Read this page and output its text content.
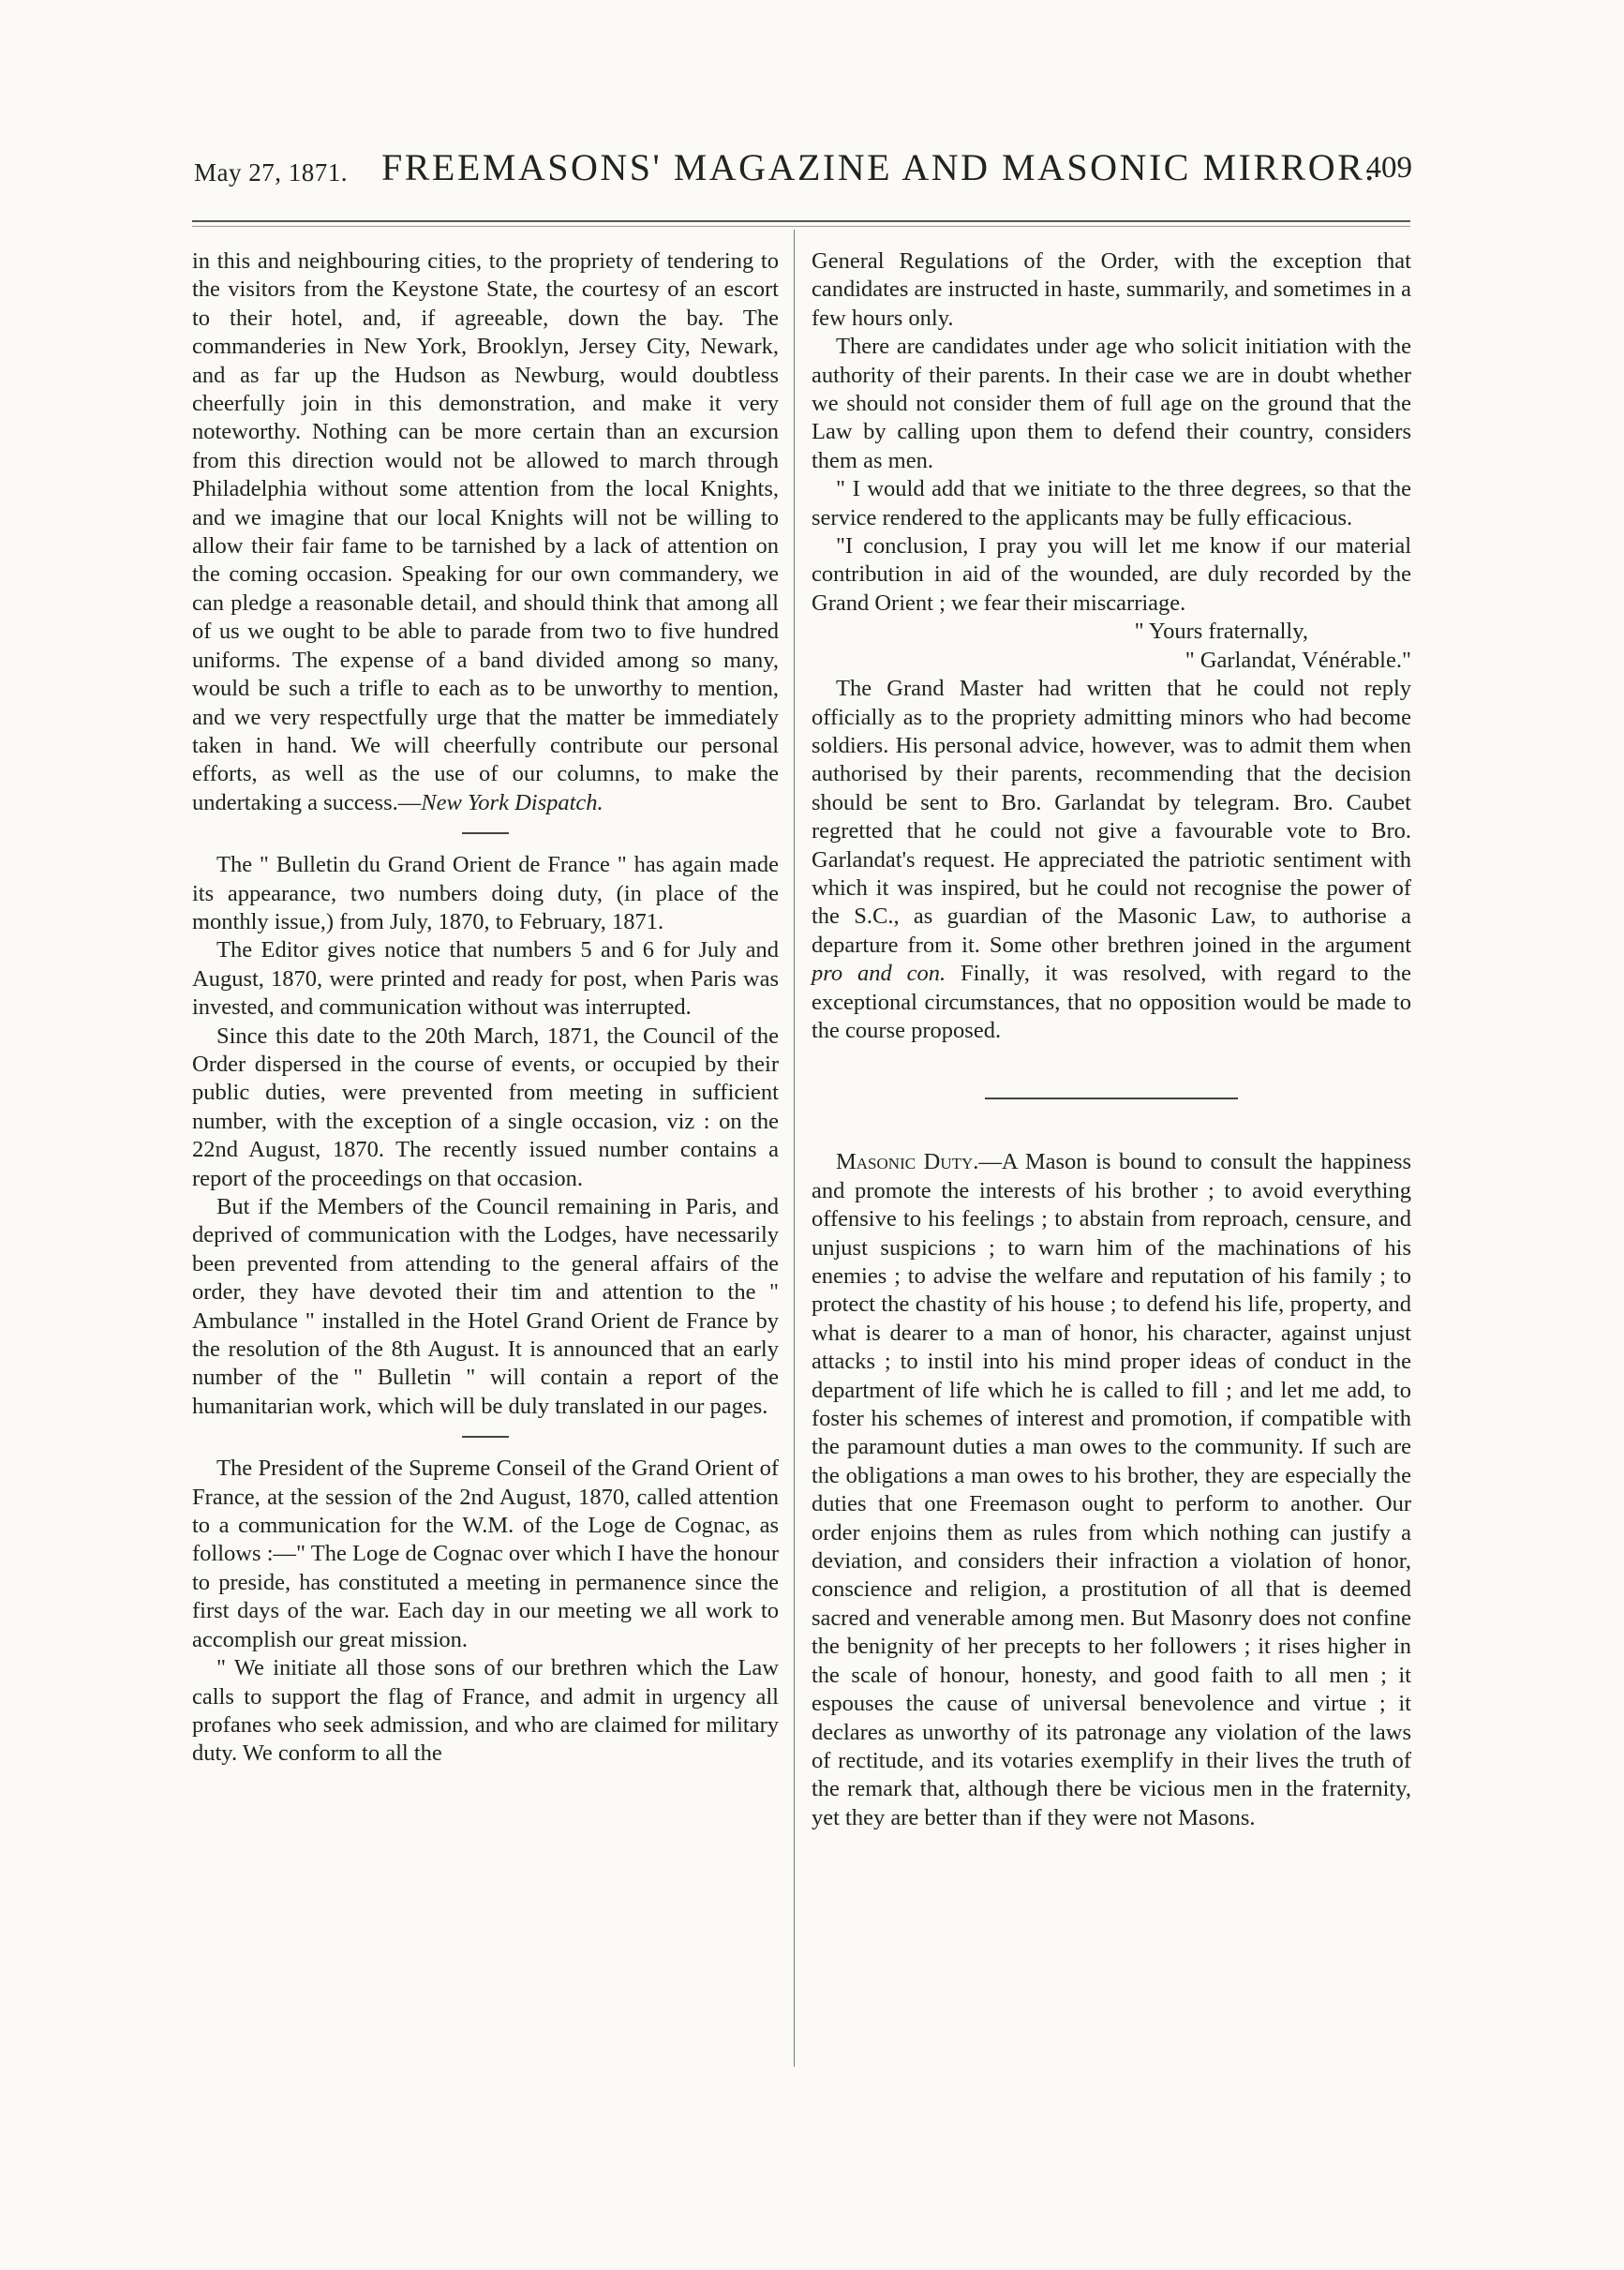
May 27, 1871. FREEMASONS' MAGAZINE AND MASONIC MIRROR.
409

in this and neighbouring cities, to the propriety of tendering to the visitors from the Keystone State, the courtesy of an escort to their hotel, and, if agreeable, down the bay. The commanderies in New York, Brooklyn, Jersey City, Newark, and as far up the Hudson as Newburg, would doubtless cheerfully join in this demonstration, and make it very noteworthy. Nothing can be more certain than an excursion from this direction would not be allowed to march through Philadelphia without some attention from the local Knights, and we imagine that our local Knights will not be willing to allow their fair fame to be tarnished by a lack of attention on the coming occasion. Speaking for our own commandery, we can pledge a reasonable detail, and should think that among all of us we ought to be able to parade from two to five hundred uniforms. The expense of a band divided among so many, would be such a trifle to each as to be unworthy to mention, and we very respectfully urge that the matter be immediately taken in hand. We will cheerfully contribute our personal efforts, as well as the use of our columns, to make the undertaking a success.—New York Dispatch.

The " Bulletin du Grand Orient de France " has again made its appearance, two numbers doing duty, (in place of the monthly issue,) from July, 1870, to February, 1871.

The Editor gives notice that numbers 5 and 6 for July and August, 1870, were printed and ready for post, when Paris was invested, and communication without was interrupted.

Since this date to the 20th March, 1871, the Council of the Order dispersed in the course of events, or occupied by their public duties, were prevented from meeting in sufficient number, with the exception of a single occasion, viz : on the 22nd August, 1870. The recently issued number contains a report of the proceedings on that occasion.

But if the Members of the Council remaining in Paris, and deprived of communication with the Lodges, have necessarily been prevented from attending to the general affairs of the order, they have devoted their tim and attention to the " Ambulance " installed in the Hotel Grand Orient de France by the resolution of the 8th August. It is announced that an early number of the " Bulletin " will contain a report of the humanitarian work, which will be duly translated in our pages.

The President of the Supreme Conseil of the Grand Orient of France, at the session of the 2nd August, 1870, called attention to a communication for the W.M. of the Loge de Cognac, as follows :—" The Loge de Cognac over which I have the honour to preside, has constituted a meeting in permanence since the first days of the war. Each day in our meeting we all work to accomplish our great mission.

" We initiate all those sons of our brethren which the Law calls to support the flag of France, and admit in urgency all profanes who seek admission, and who are claimed for military duty. We conform to all the

General Regulations of the Order, with the exception that candidates are instructed in haste, summarily, and sometimes in a few hours only.

There are candidates under age who solicit initiation with the authority of their parents. In their case we are in doubt whether we should not consider them of full age on the ground that the Law by calling upon them to defend their country, considers them as men.

" I would add that we initiate to the three degrees, so that the service rendered to the applicants may be fully efficacious.

"I conclusion, I pray you will let me know if our material contribution in aid of the wounded, are duly recorded by the Grand Orient ; we fear their miscarriage.

" Yours fraternally,

" Garlandat, Vénérable."

The Grand Master had written that he could not reply officially as to the propriety admitting minors who had become soldiers. His personal advice, however, was to admit them when authorised by their parents, recommending that the decision should be sent to Bro. Garlandat by telegram. Bro. Caubet regretted that he could not give a favourable vote to Bro. Garlandat's request. He appreciated the patriotic sentiment with which it was inspired, but he could not recognise the power of the S.C., as guardian of the Masonic Law, to authorise a departure from it. Some other brethren joined in the argument pro and con. Finally, it was resolved, with regard to the exceptional circumstances, that no opposition would be made to the course proposed.

Masonic Duty.—A Mason is bound to consult the happiness and promote the interests of his brother ; to avoid everything offensive to his feelings ; to abstain from reproach, censure, and unjust suspicions ; to warn him of the machinations of his enemies ; to advise the welfare and reputation of his family ; to protect the chastity of his house ; to defend his life, property, and what is dearer to a man of honor, his character, against unjust attacks ; to instil into his mind proper ideas of conduct in the department of life which he is called to fill ; and let me add, to foster his schemes of interest and promotion, if compatible with the paramount duties a man owes to the community. If such are the obligations a man owes to his brother, they are especially the duties that one Freemason ought to perform to another. Our order enjoins them as rules from which nothing can justify a deviation, and considers their infraction a violation of honor, conscience and religion, a prostitution of all that is deemed sacred and venerable among men. But Masonry does not confine the benignity of her precepts to her followers ; it rises higher in the scale of honour, honesty, and good faith to all men ; it espouses the cause of universal benevolence and virtue ; it declares as unworthy of its patronage any violation of the laws of rectitude, and its votaries exemplify in their lives the truth of the remark that, although there be vicious men in the fraternity, yet they are better than if they were not Masons.
